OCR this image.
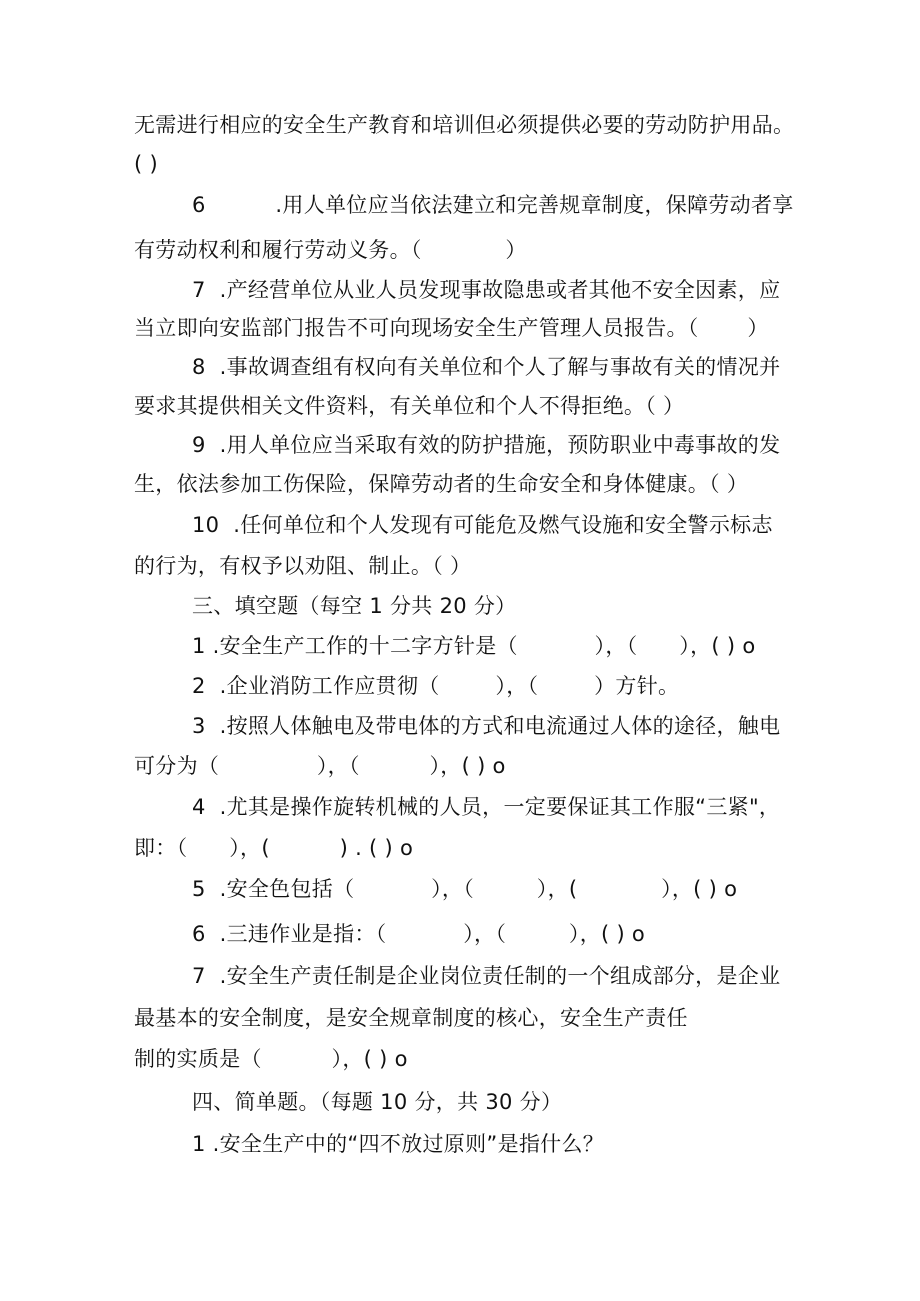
无需进行相应的安全生产教育和培训但必须提供必要的劳动防护用品。
( )
6          .用人单位应当依法建立和完善规章制度，保障劳动者享
有劳动权利和履行劳动义务。（            ）
7  .产经营单位从业人员发现事故隐患或者其他不安全因素，应
当立即向安监部门报告不可向现场安全生产管理人员报告。（       ）
8  .事故调查组有权向有关单位和个人了解与事故有关的情况并
要求其提供相关文件资料，有关单位和个人不得拒绝。（ ）
9  .用人单位应当采取有效的防护措施，预防职业中毒事故的发
生，依法参加工伤保险，保障劳动者的生命安全和身体健康。（ ）
10  .任何单位和个人发现有可能危及燃气设施和安全警示标志
的行为，有权予以劝阻、制止。（ ）
三、填空题（每空 1 分共 20 分）
1 .安全生产工作的十二字方针是（           ），（      ），( ) o
2  .企业消防工作应贯彻（        ），（        ）方针。
3  .按照人体触电及带电体的方式和电流通过人体的途径，触电
可分为（              ），（          ），( ) o
4  .尤其是操作旋转机械的人员，一定要保证其工作服“三紧"，
即：（      ），(          ) . ( ) o
5  .安全色包括（           ），（         ），(            ），( ) o
6  .三违作业是指：（           ），（         ），( ) o
7  .安全生产责任制是企业岗位责任制的一个组成部分，是企业
最基本的安全制度，是安全规章制度的核心，安全生产责任
制的实质是（          ），( ) o
四、简单题。（每题 10 分，共 30 分）
1 .安全生产中的“四不放过原则”是指什么？
